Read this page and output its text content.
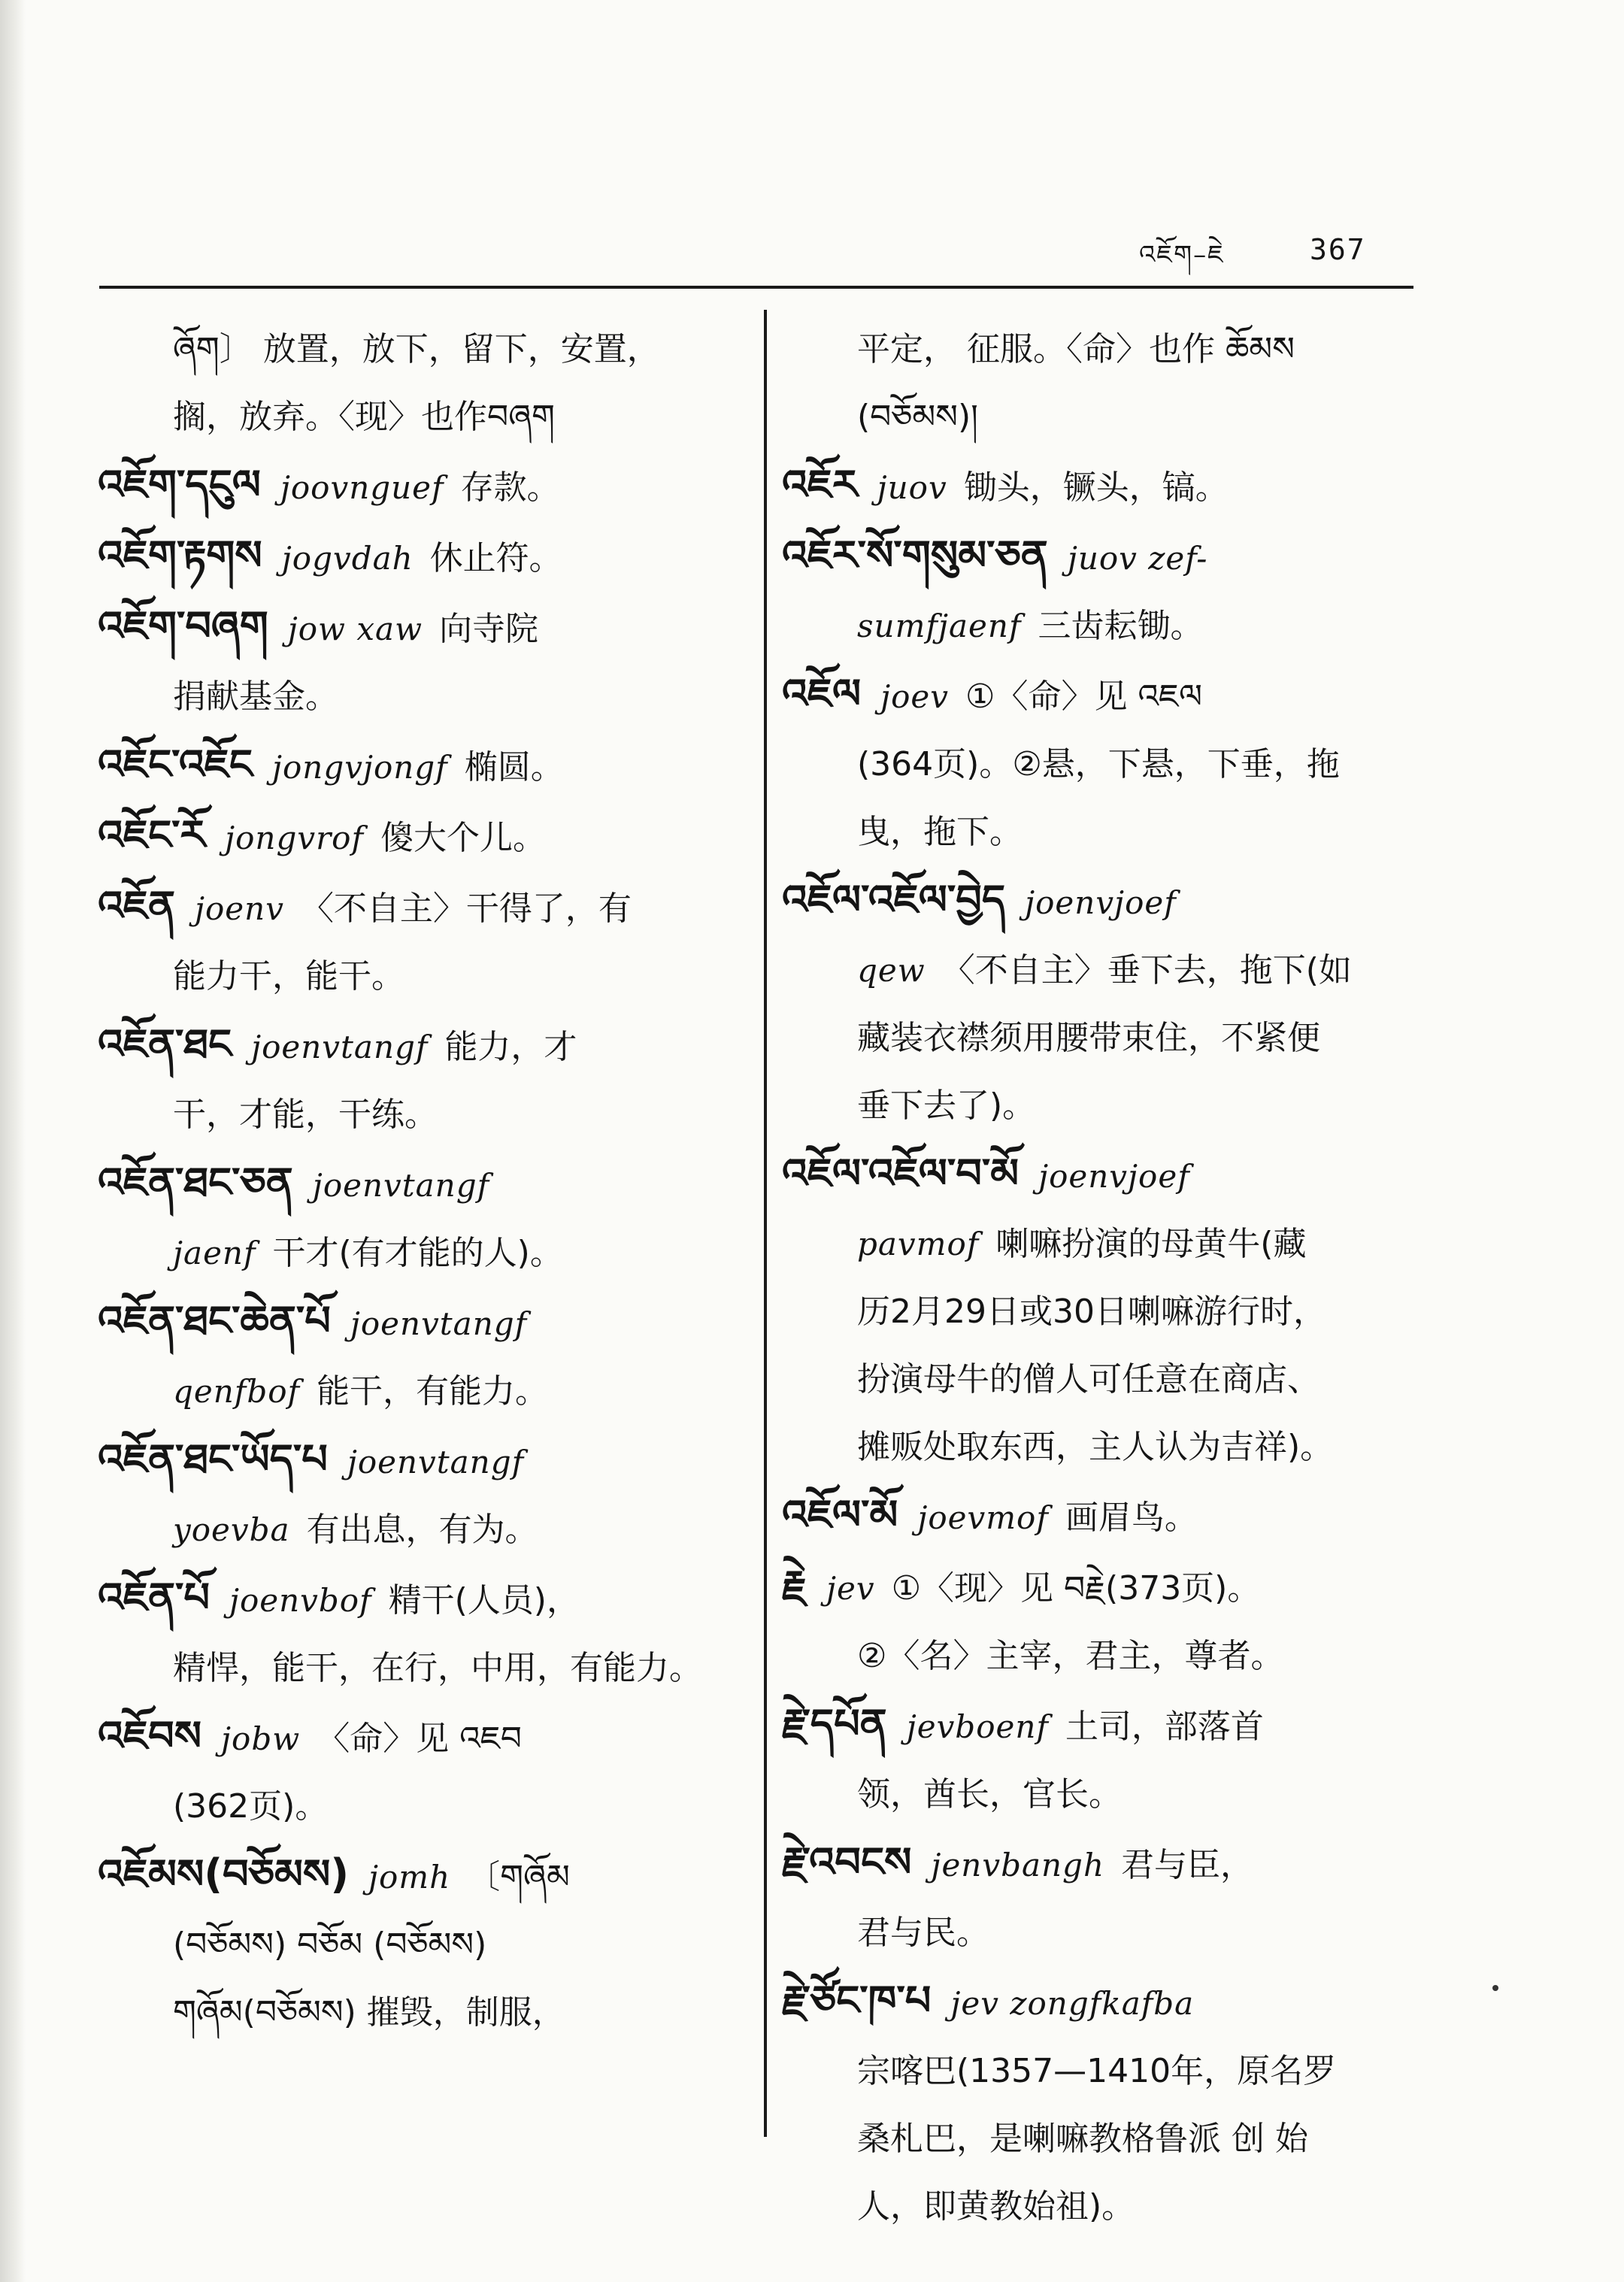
འཇོག–ཇེ	367
ཞོག〕 放置，放下，留下，安置，
搁，放弃。〈现〉也作བཞག
འཇོག་དངུལ joovnguef 存款。
འཇོག་རྟགས jogvdah 休止符。
འཇོག་བཞག jow xaw 向寺院
捐献基金。
འཇོང་འཇོང jongvjongf 椭圆。
འཇོང་རོ jongvrof 傻大个儿。
འཇོན joenv 〈不自主〉干得了，有
能力干，能干。
འཇོན་ཐང joenvtangf 能力，才
干，才能，干练。
འཇོན་ཐང་ཅན joenvtangf
jaenf 干才(有才能的人)。
འཇོན་ཐང་ཆེན་པོ joenvtangf
qenfbof 能干，有能力。
འཇོན་ཐང་ཡོད་པ joenvtangf
yoevba 有出息，有为。
འཇོན་པོ joenvbof 精干(人员)，
精悍，能干，在行，中用，有能力。
འཇོབས jobw 〈命〉见 འཇབ
(362页)。
འཇོམས(བཅོམས) jomh 〔གཞོམ
(བཅོམས) བཅོམ (བཅོམས)
གཞོམ(བཅོམས) 摧毁，制服，
平定， 征服。〈命〉也作 ཆོམས
(བཅོམས)།
འཇོར juov 锄头，镢头，镐。
འཇོར་སོ་གསུམ་ཅན juov zef-
sumfjaenf 三齿耘锄。
འཇོལ joev ①〈命〉见 འཇལ
(364页)。②悬，下悬，下垂，拖
曳，拖下。
འཇོལ་འཇོལ་བྱེད joenvjoef
qew 〈不自主〉垂下去，拖下(如
藏装衣襟须用腰带束住，不紧便
垂下去了)。
འཇོལ་འཇོལ་བ་མོ joenvjoef
pavmof 喇嘛扮演的母黄牛(藏
历2月29日或30日喇嘛游行时，
扮演母牛的僧人可任意在商店、
摊贩处取东西，主人认为吉祥)。
འཇོལ་མོ joevmof 画眉鸟。
རྗེ jev ①〈现〉见 བརྗེ(373页)。
②〈名〉主宰，君主，尊者。
རྗེ་དཔོན jevboenf 土司，部落首
领，酋长，官长。
རྗེ་འབངས jenvbangh 君与臣，
君与民。
རྗེ་ཙོང་ཁ་པ jev zongfkafba
宗喀巴(1357—1410年，原名罗
桑札巴，是喇嘛教格鲁派 创 始
人，即黄教始祖)。
